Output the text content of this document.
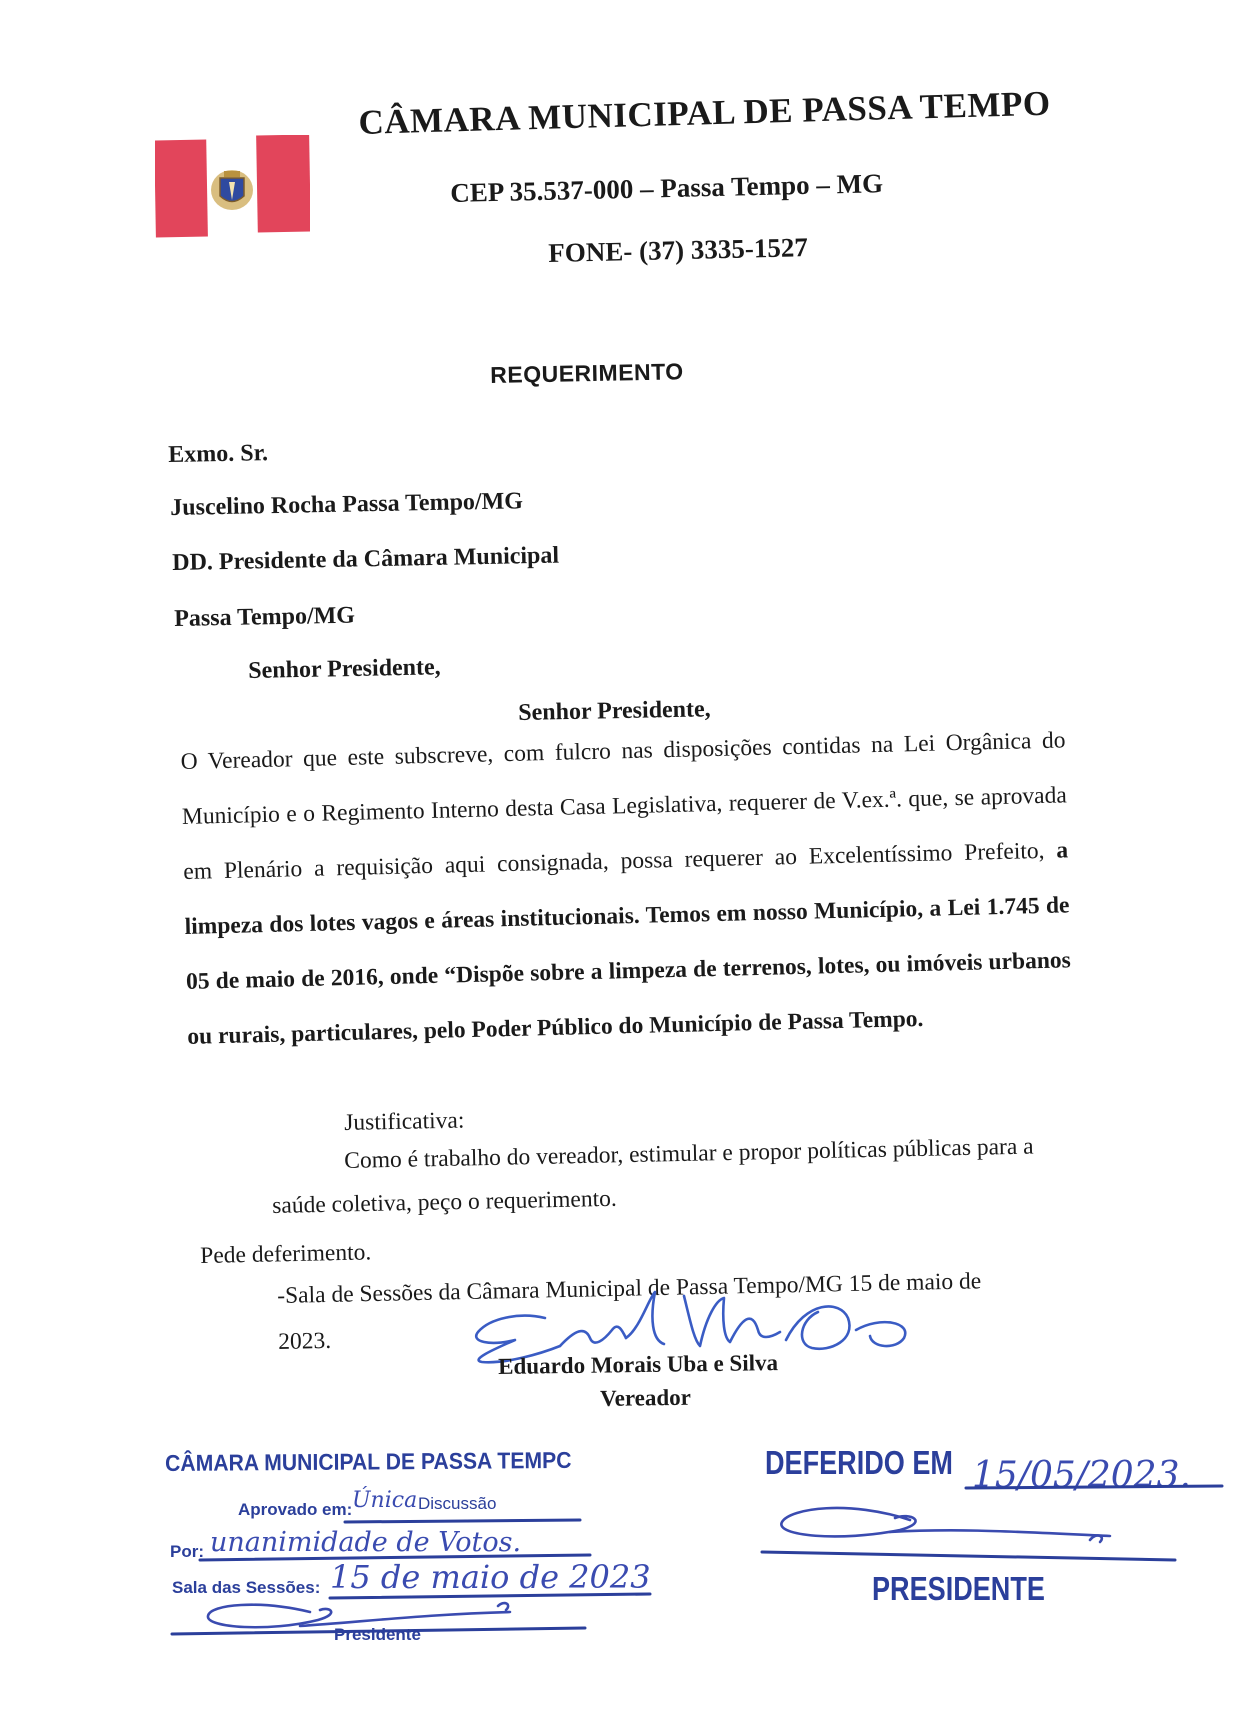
CÂMARA MUNICIPAL DE PASSA TEMPO
CEP 35.537-000 – Passa Tempo – MG
FONE- (37) 3335-1527
REQUERIMENTO
Exmo. Sr.
Juscelino Rocha Passa Tempo/MG
DD. Presidente da Câmara Municipal
Passa Tempo/MG
Senhor Presidente,
Senhor Presidente,
O Vereador que este subscreve, com fulcro nas disposições contidas na Lei Orgânica do Município e o Regimento Interno desta Casa Legislativa, requerer de V.ex.ª. que, se aprovada em Plenário a requisição aqui consignada, possa requerer ao Excelentíssimo Prefeito, a limpeza dos lotes vagos e áreas institucionais. Temos em nosso Município, a Lei 1.745 de 05 de maio de 2016, onde “Dispõe sobre a limpeza de terrenos, lotes, ou imóveis urbanos ou rurais, particulares, pelo Poder Público do Município de Passa Tempo.
Justificativa:
Como é trabalho do vereador, estimular e propor políticas públicas para a
saúde coletiva, peço o requerimento.
Pede deferimento.
-Sala de Sessões da Câmara Municipal de Passa Tempo/MG 15 de maio de
2023.
Eduardo Morais Uba e Silva
Vereador
CÂMARA MUNICIPAL DE PASSA TEMPC
Aprovado em: Única Discussão
Por: unanimidade de Votos.
Sala das Sessões: 15 de maio de 2023
Presidente
DEFERIDO EM 15/05/2023.
PRESIDENTE
